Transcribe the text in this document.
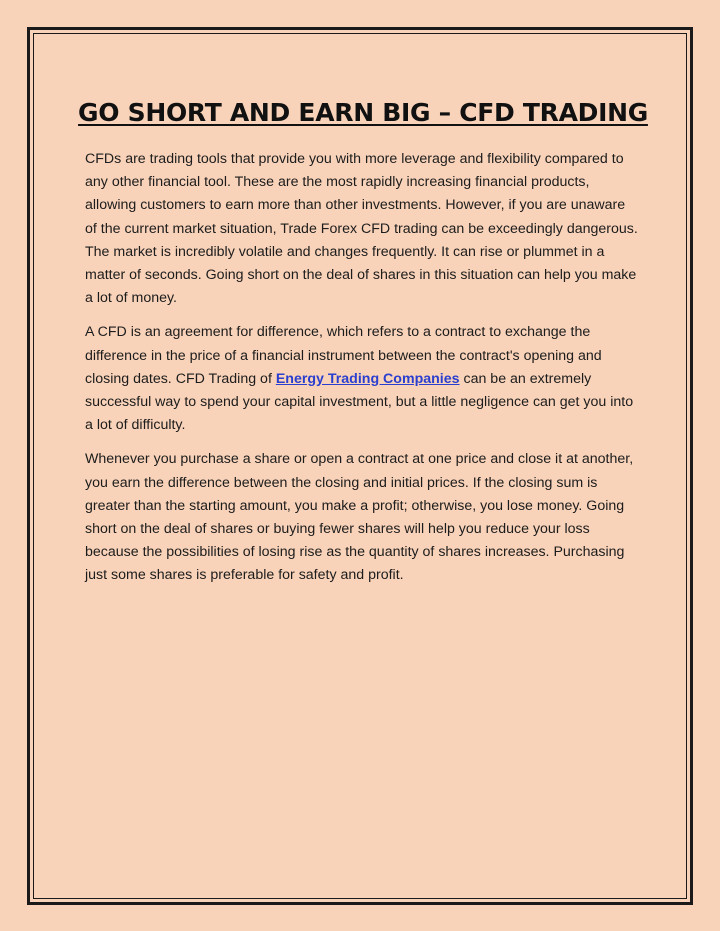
GO SHORT AND EARN BIG – CFD TRADING

CFDs are trading tools that provide you with more leverage and flexibility compared to any other financial tool. These are the most rapidly increasing financial products, allowing customers to earn more than other investments. However, if you are unaware of the current market situation, Trade Forex CFD trading can be exceedingly dangerous. The market is incredibly volatile and changes frequently. It can rise or plummet in a matter of seconds. Going short on the deal of shares in this situation can help you make a lot of money.

A CFD is an agreement for difference, which refers to a contract to exchange the difference in the price of a financial instrument between the contract's opening and closing dates. CFD Trading of Energy Trading Companies can be an extremely successful way to spend your capital investment, but a little negligence can get you into a lot of difficulty.

Whenever you purchase a share or open a contract at one price and close it at another, you earn the difference between the closing and initial prices. If the closing sum is greater than the starting amount, you make a profit; otherwise, you lose money. Going short on the deal of shares or buying fewer shares will help you reduce your loss because the possibilities of losing rise as the quantity of shares increases. Purchasing just some shares is preferable for safety and profit.
